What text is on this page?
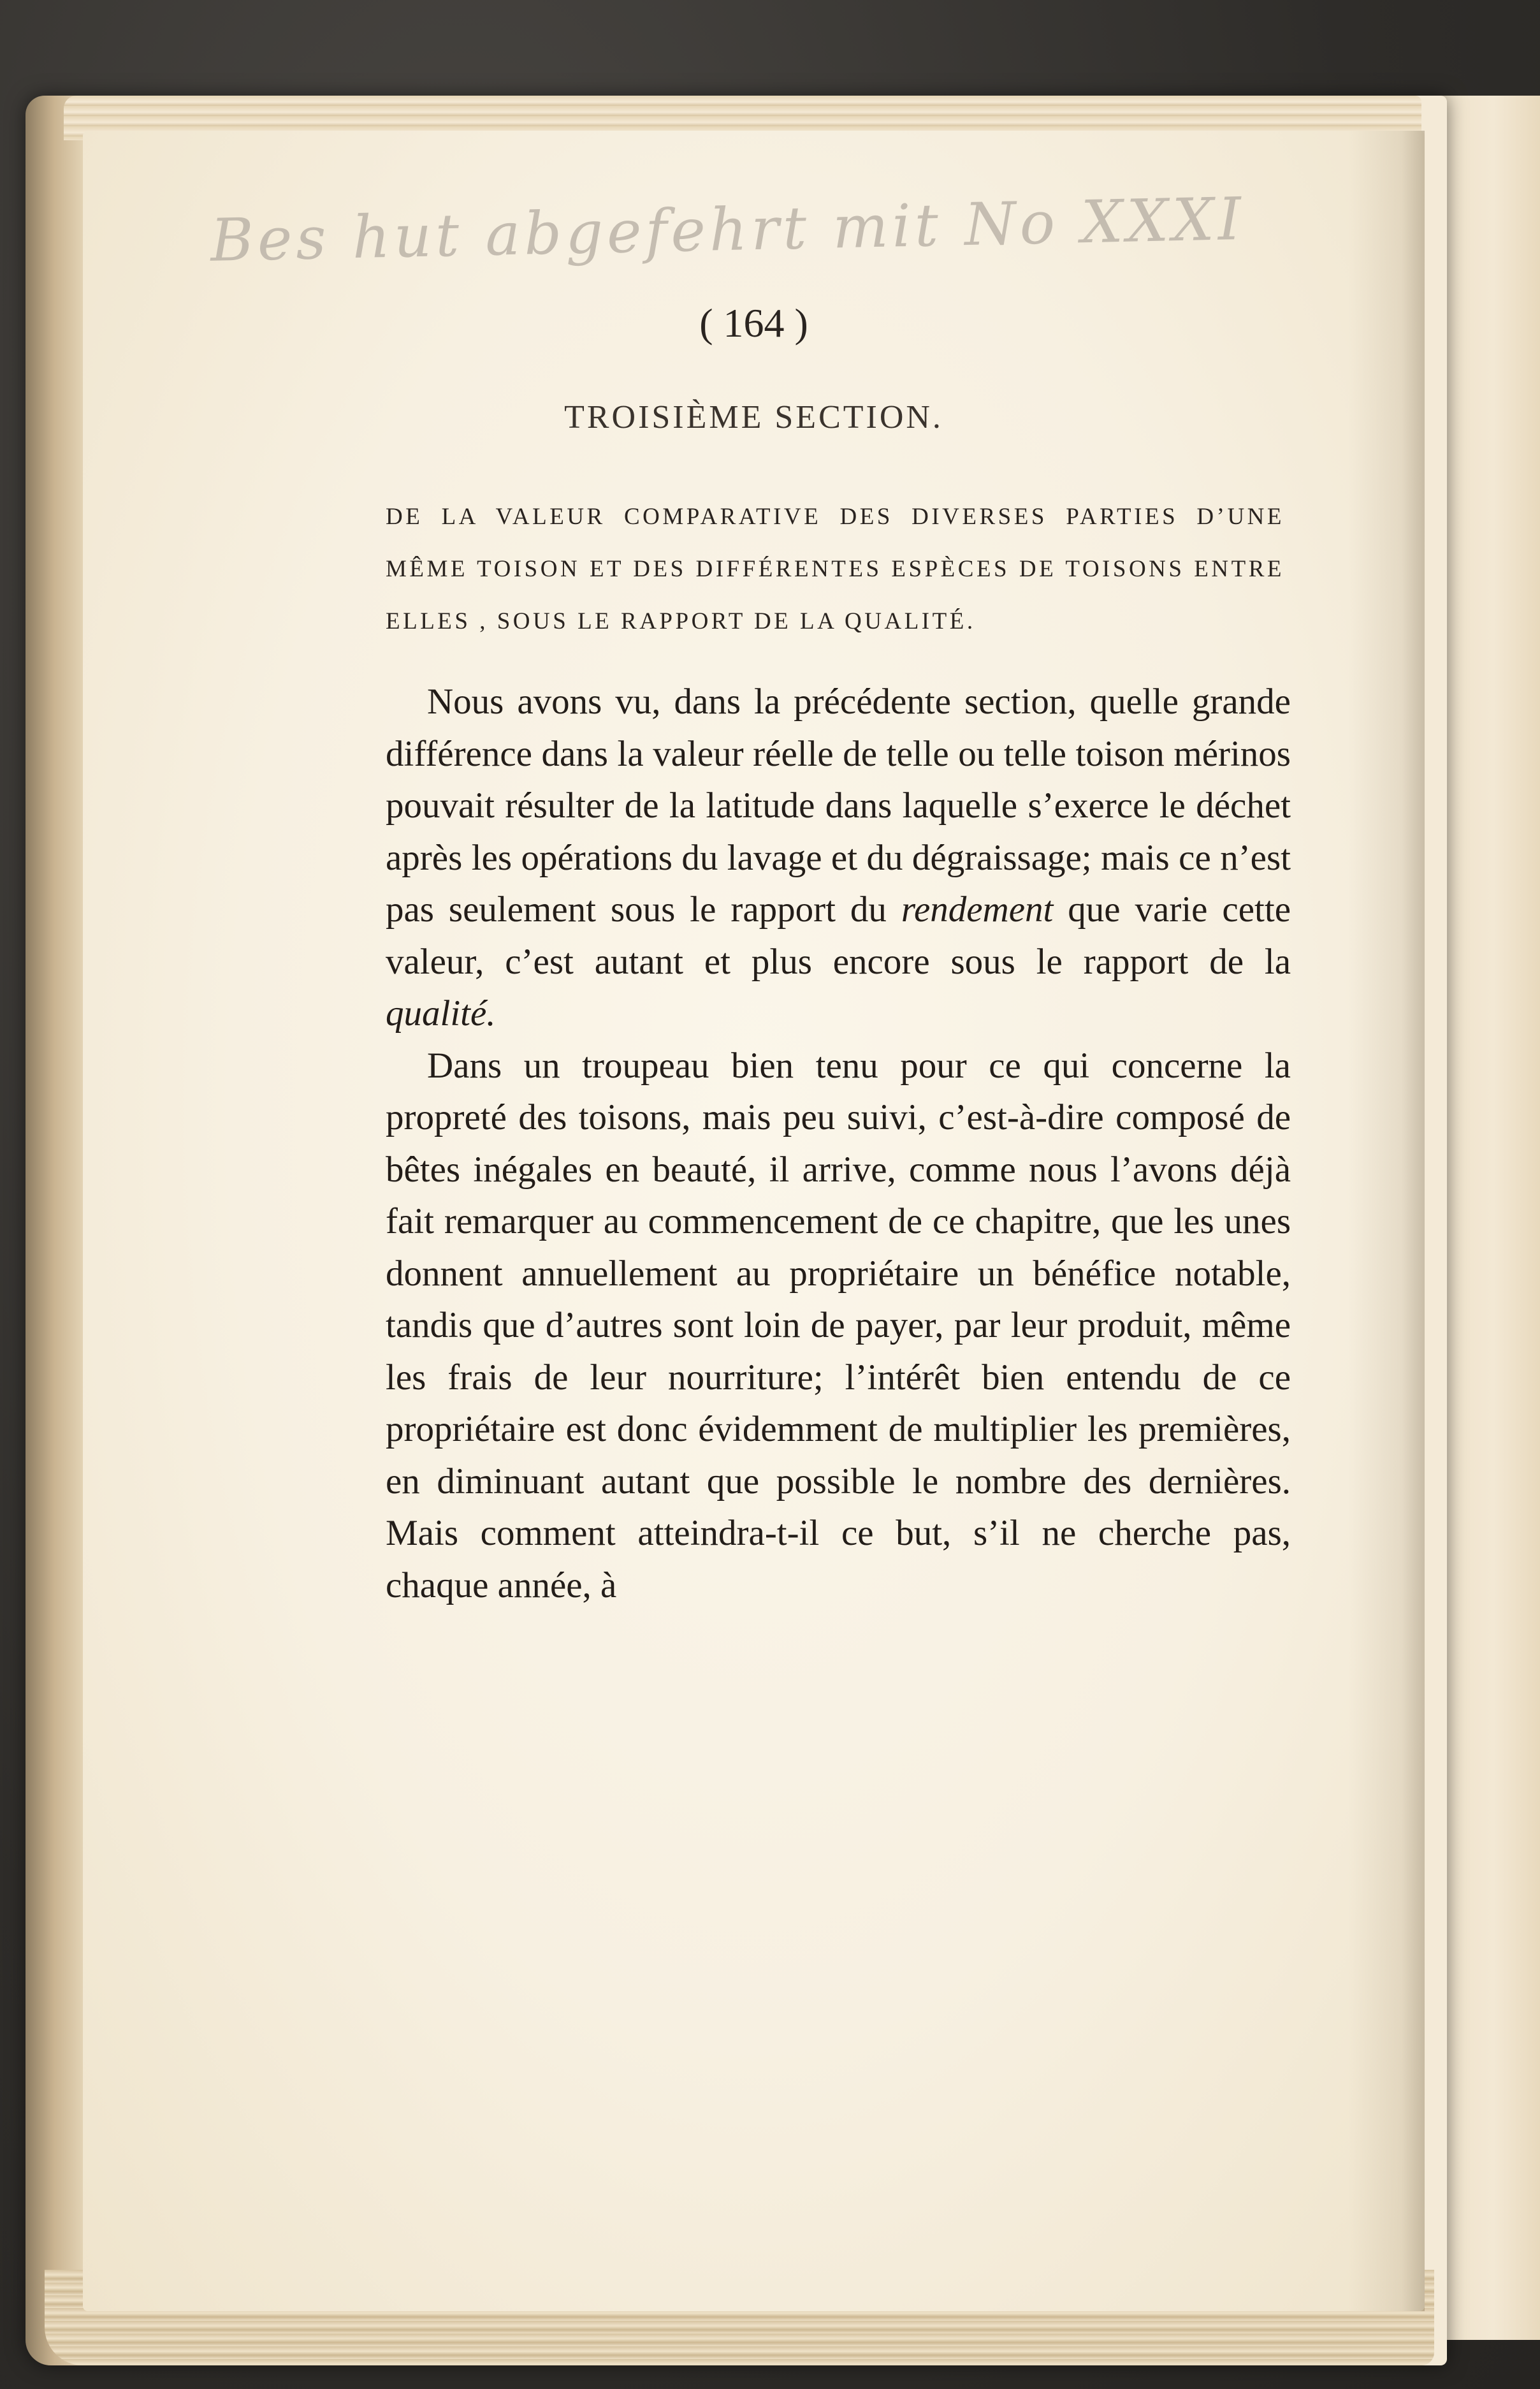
Bes hut abgefehrt mit No XXXI
( 164 )
TROISIÈME SECTION.
DE LA VALEUR COMPARATIVE DES DIVERSES PARTIES D’UNE MÊME TOISON ET DES DIFFÉRENTES ESPÈCES DE TOISONS ENTRE ELLES , SOUS LE RAPPORT DE LA QUALITÉ.

Nous avons vu, dans la précédente section, quelle grande différence dans la valeur réelle de telle ou telle toison mérinos pouvait résulter de la latitude dans laquelle s’exerce le déchet après les opérations du lavage et du dégraissage; mais ce n’est pas seulement sous le rapport du rendement que varie cette valeur, c’est autant et plus encore sous le rapport de la qualité.

Dans un troupeau bien tenu pour ce qui concerne la propreté des toisons, mais peu suivi, c’est-à-dire composé de bêtes inégales en beauté, il arrive, comme nous l’avons déjà fait remarquer au commencement de ce chapitre, que les unes donnent annuellement au propriétaire un bénéfice notable, tandis que d’autres sont loin de payer, par leur produit, même les frais de leur nourriture; l’intérêt bien entendu de ce propriétaire est donc évidemment de multiplier les premières, en diminuant autant que possible le nombre des dernières. Mais comment atteindra-t-il ce but, s’il ne cherche pas, chaque année, à
